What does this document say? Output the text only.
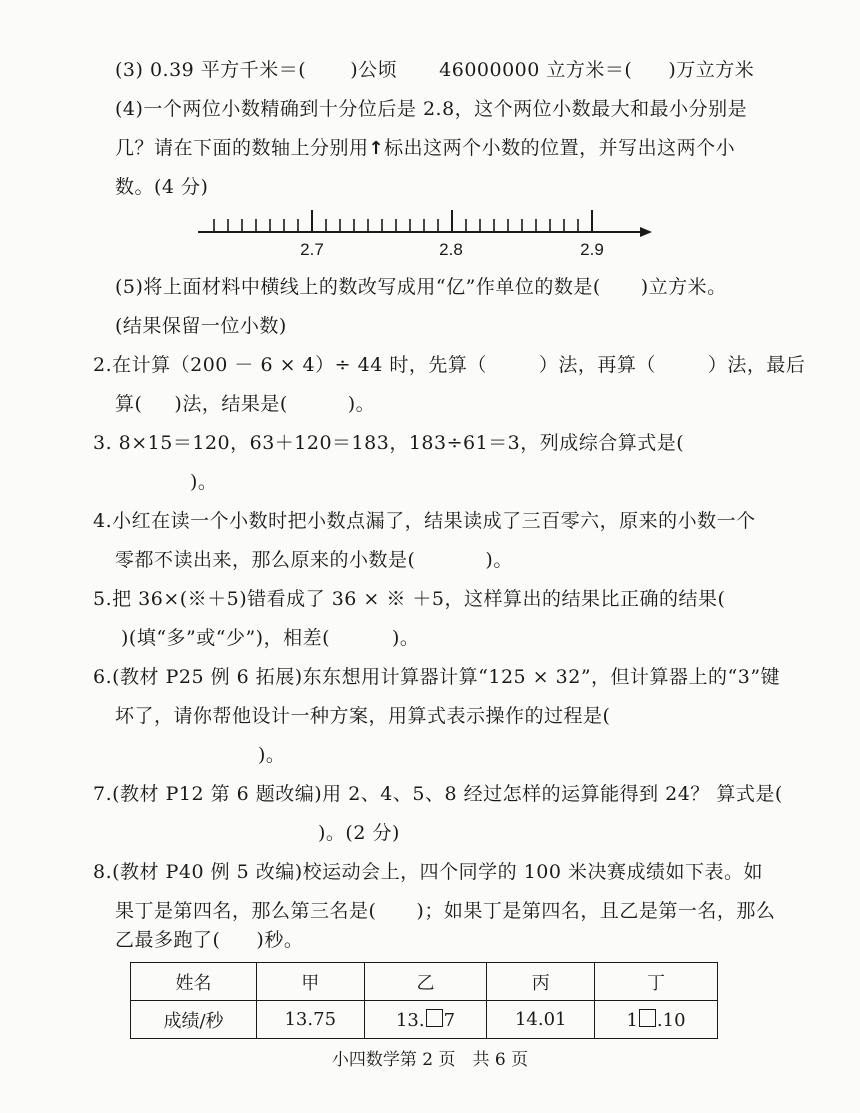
(3) 0.39 平方千米＝( )公顷 46000000 立方米＝( )万立方米
(4)一个两位小数精确到十分位后是 2.8，这个两位小数最大和最小分别是
几？请在下面的数轴上分别用↑标出这两个小数的位置，并写出这两个小
数。(4 分)
2.7	2.8	2.9
(5)将上面材料中横线上的数改写成用“亿”作单位的数是( )立方米。
(结果保留一位小数)
2.在计算（200 － 6 × 4）÷ 44 时，先算（	）法，再算（	）法，最后
算( )法，结果是(	)。
3. 8×15＝120，63＋120＝183，183÷61＝3，列成综合算式是(
)。
4.小红在读一个小数时把小数点漏了，结果读成了三百零六，原来的小数一个
零都不读出来，那么原来的小数是(	)。
5.把 36×(※＋5)错看成了 36 × ※ ＋5，这样算出的结果比正确的结果(
)(填“多”或“少”)，相差(	)。
6.(教材 P25 例 6 拓展)东东想用计算器计算“125 × 32”，但计算器上的“3”键
坏了，请你帮他设计一种方案，用算式表示操作的过程是(
)。
7.(教材 P12 第 6 题改编)用 2、4、5、8 经过怎样的运算能得到 24？ 算式是(
)。(2 分)
8.(教材 P40 例 5 改编)校运动会上，四个同学的 100 米决赛成绩如下表。如
果丁是第四名，那么第三名是( )；如果丁是第四名，且乙是第一名，那么
乙最多跑了( )秒。
姓名	甲	乙	丙	丁
成绩/秒	13.75	13. 7	14.01	1 .10
小四数学第 2 页　共 6 页
